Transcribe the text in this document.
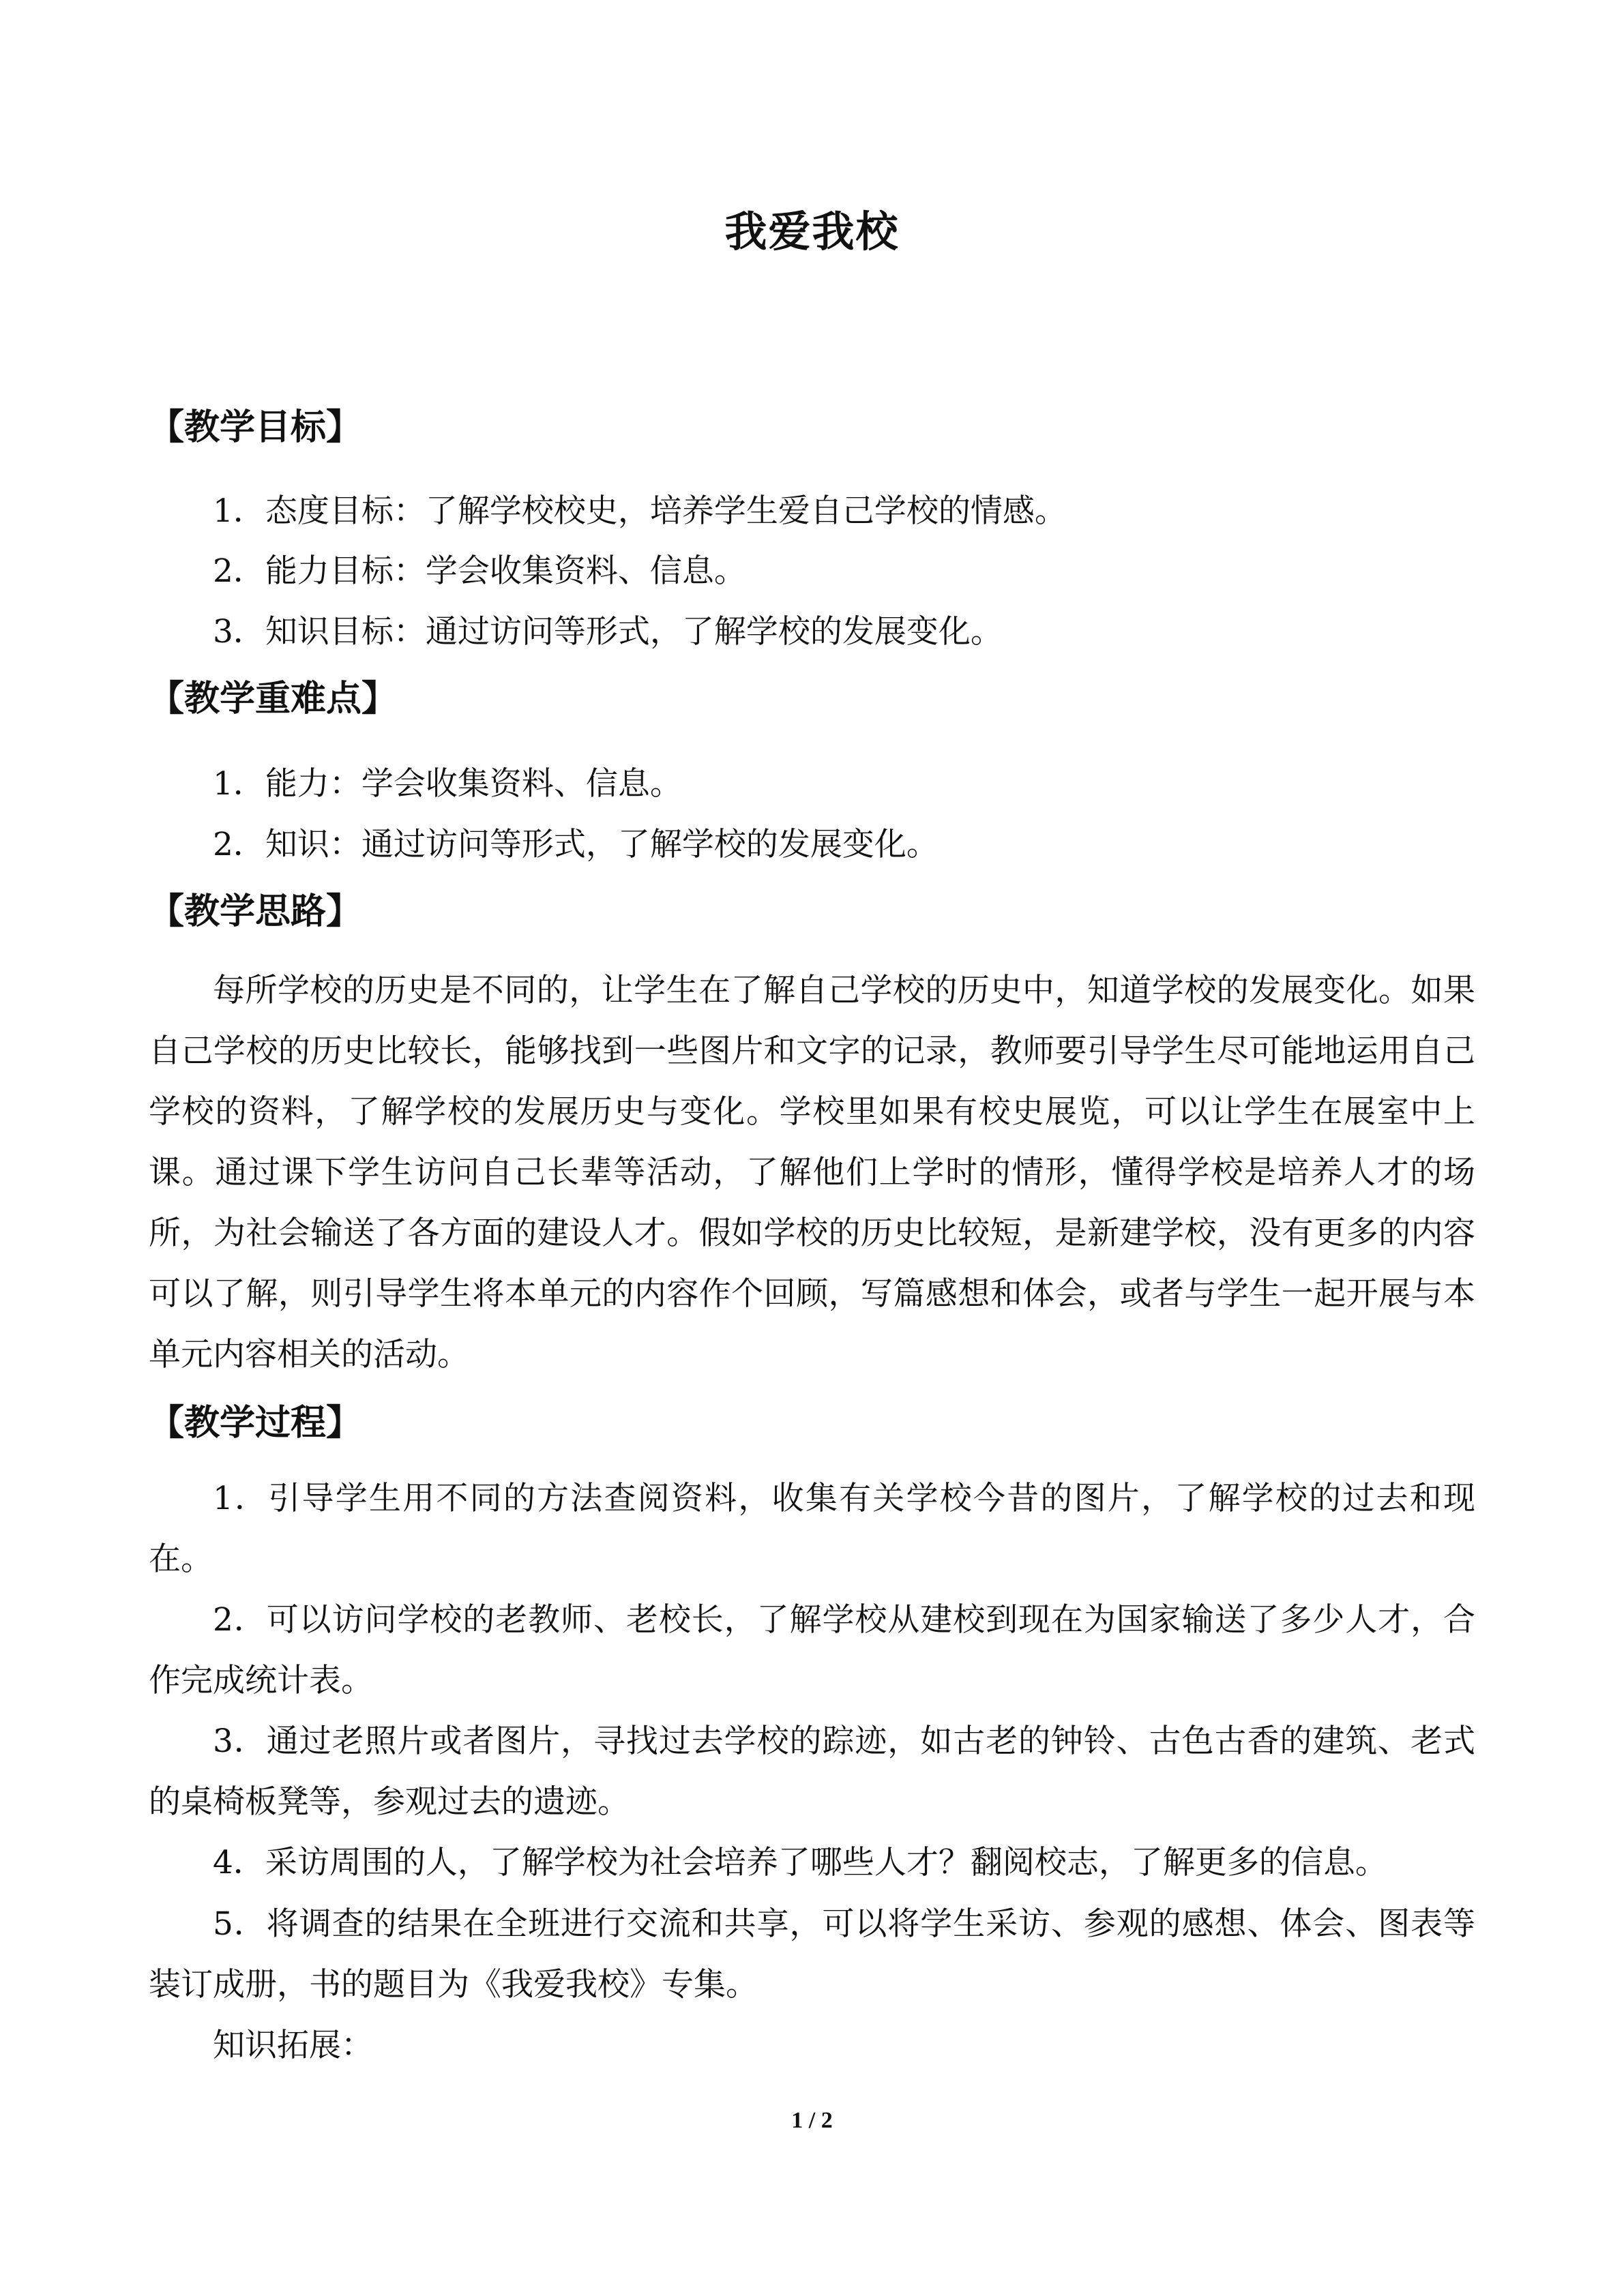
我爱我校
【教学目标】
1．态度目标：了解学校校史，培养学生爱自己学校的情感。
2．能力目标：学会收集资料、信息。
3．知识目标：通过访问等形式，了解学校的发展变化。
【教学重难点】
1．能力：学会收集资料、信息。
2．知识：通过访问等形式，了解学校的发展变化。
【教学思路】

每所学校的历史是不同的，让学生在了解自己学校的历史中，知道学校的发展变化。如果自己学校的历史比较长，能够找到一些图片和文字的记录，教师要引导学生尽可能地运用自己学校的资料，了解学校的发展历史与变化。学校里如果有校史展览，可以让学生在展室中上课。通过课下学生访问自己长辈等活动，了解他们上学时的情形，懂得学校是培养人才的场所，为社会输送了各方面的建设人才。假如学校的历史比较短，是新建学校，没有更多的内容可以了解，则引导学生将本单元的内容作个回顾，写篇感想和体会，或者与学生一起开展与本单元内容相关的活动。

【教学过程】

1．引导学生用不同的方法查阅资料，收集有关学校今昔的图片，了解学校的过去和现在。

2．可以访问学校的老教师、老校长，了解学校从建校到现在为国家输送了多少人才，合作完成统计表。

3．通过老照片或者图片，寻找过去学校的踪迹，如古老的钟铃、古色古香的建筑、老式的桌椅板凳等，参观过去的遗迹。

4．采访周围的人，了解学校为社会培养了哪些人才？翻阅校志，了解更多的信息。

5．将调查的结果在全班进行交流和共享，可以将学生采访、参观的感想、体会、图表等装订成册，书的题目为《我爱我校》专集。

知识拓展：

1 / 2
